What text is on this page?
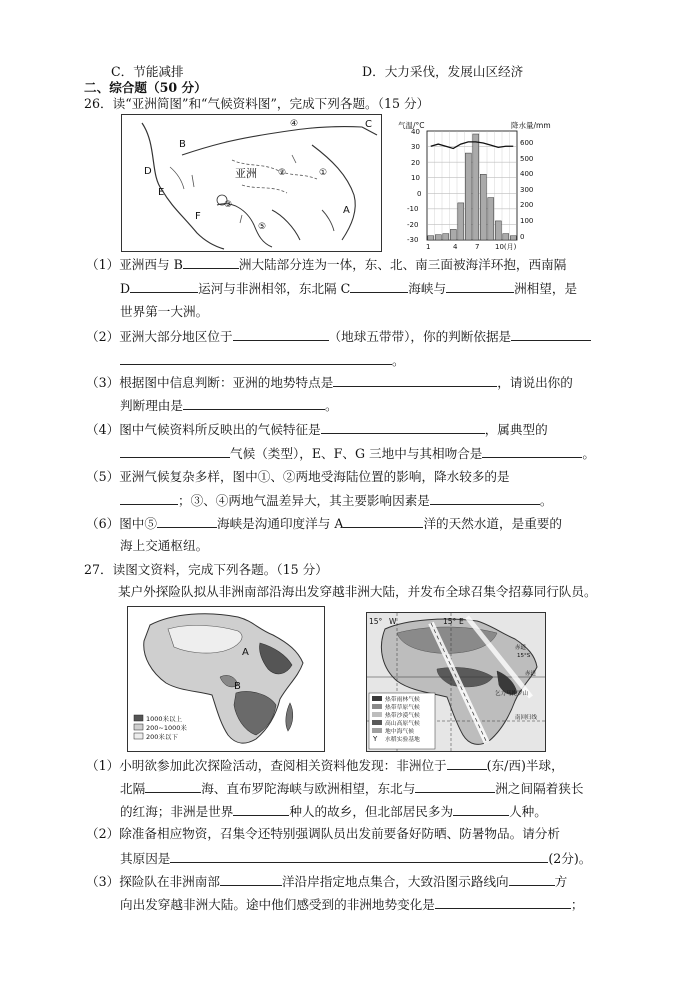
C．节能减排	D．大力采伐，发展山区经济
二、综合题（50 分）
26．读“亚洲简图”和“气候资料图”，完成下列各题。（15 分）
④	C
B
亚洲 ②	①
D
E
F
③
⑤
A
气温/°C	降水量/mm
40
30
20
10
0
-10
-20
-30
600
500
400
300
200
100
0
1	4	7 10(月)
（1）亚洲西与 B	洲大陆部分连为一体，东、北、南三面被海洋环抱，西南隔
D	运河与非洲相邻，东北隔 C	海峡与	洲相望，是
世界第一大洲。
（2）亚洲大部分地区位于	（地球五带带），你的判断依据是
。
（3）根据图中信息判断：亚洲的地势特点是	，请说出你的
判断理由是	。
（4）图中气候资料所反映出的气候特征是	，属典型的
气候（类型），E、F、G 三地中与其相吻合是	。
（5）亚洲气候复杂多样，图中①、②两地受海陆位置的影响，降水较多的是
；③、④两地气温差异大，其主要影响因素是	。
（6）图中⑤	海峡是沟通印度洋与 A	洋的天然水道，是重要的
海上交通枢纽。
27．读图文资料，完成下列各题。（15 分）
某户外探险队拟从非洲南部沿海出发穿越非洲大陆，并发布全球召集令招募同行队员。
A
B
1000米以上
200~1000米
200米以下
15° W	15° E
赤道
15°S
赤道
乞力马扎罗山
南回归线
Y
热带雨林气候
热带草原气候
热带沙漠气候
高山高原气候
地中海气候
水稻实验基地
（1）小明欲参加此次探险活动，查阅相关资料他发现：非洲位于	(东/西)半球，
北隔	海、直布罗陀海峡与欧洲相望，东北与	洲之间隔着狭长
的红海；非洲是世界	种人的故乡，但北部居民多为	人种。
（2）除准备相应物资，召集令还特别强调队员出发前要备好防晒、防暑物品。请分析
其原因是	(2分)。
（3）探险队在非洲南部	洋沿岸指定地点集合，大致沿图示路线向	方
向出发穿越非洲大陆。途中他们感受到的非洲地势变化是	；
